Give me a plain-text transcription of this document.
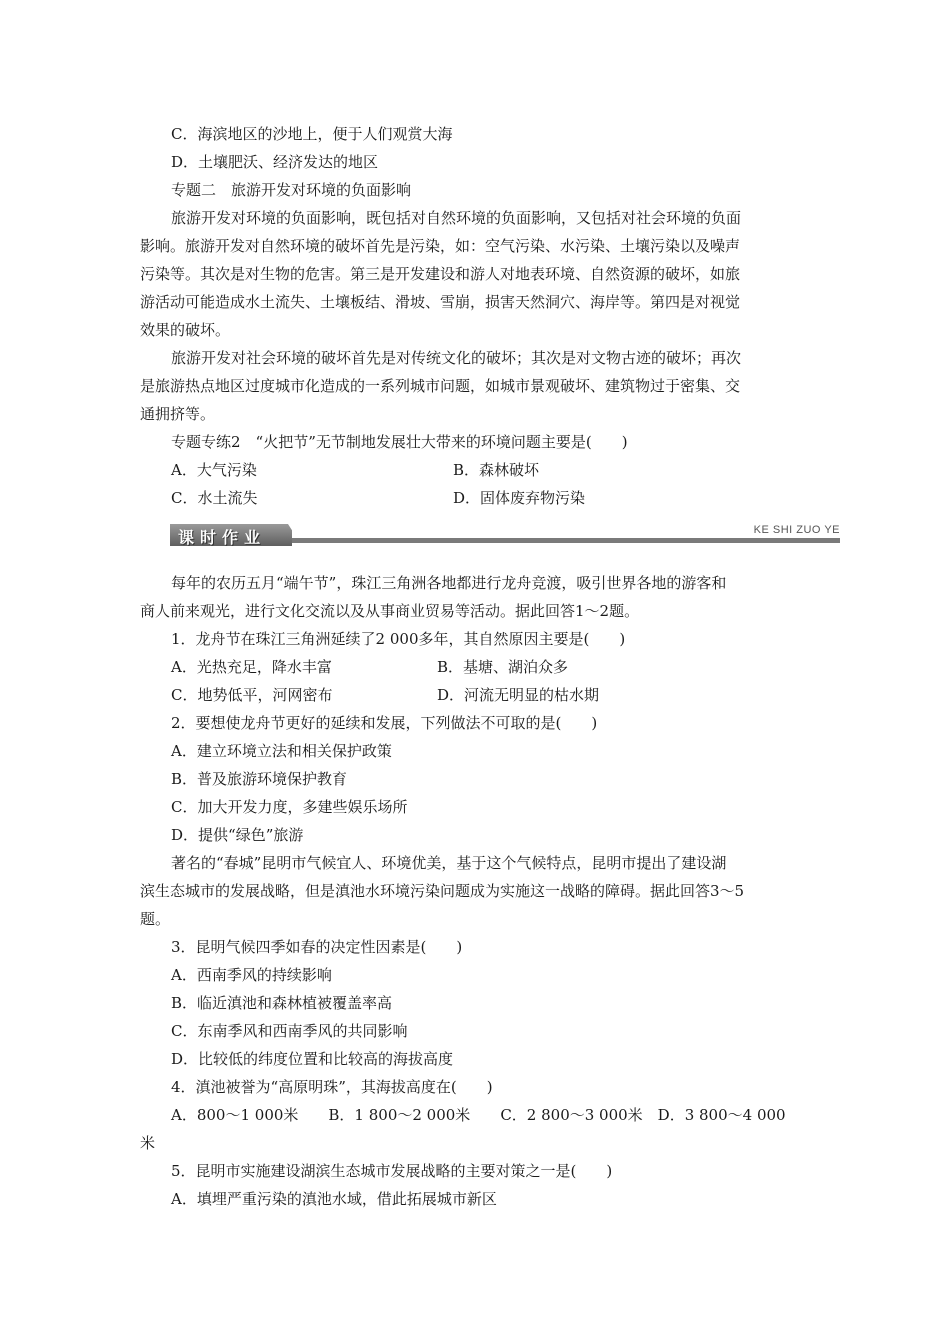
C．海滨地区的沙地上，便于人们观赏大海
D．土壤肥沃、经济发达的地区
专题二　旅游开发对环境的负面影响
旅游开发对环境的负面影响，既包括对自然环境的负面影响，又包括对社会环境的负面
影响。旅游开发对自然环境的破坏首先是污染，如：空气污染、水污染、土壤污染以及噪声
污染等。其次是对生物的危害。第三是开发建设和游人对地表环境、自然资源的破坏，如旅
游活动可能造成水土流失、土壤板结、滑坡、雪崩，损害天然洞穴、海岸等。第四是对视觉
效果的破坏。
旅游开发对社会环境的破坏首先是对传统文化的破坏；其次是对文物古迹的破坏；再次
是旅游热点地区过度城市化造成的一系列城市问题，如城市景观破坏、建筑物过于密集、交
通拥挤等。
专题专练2　“火把节”无节制地发展壮大带来的环境问题主要是(　　)
A．大气污染	B．森林破坏
C．水土流失	D．固体废弃物污染
课时作业	KE SHI ZUO YE
每年的农历五月“端午节”，珠江三角洲各地都进行龙舟竞渡，吸引世界各地的游客和
商人前来观光，进行文化交流以及从事商业贸易等活动。据此回答1～2题。
1．龙舟节在珠江三角洲延续了2 000多年，其自然原因主要是(　　)
A．光热充足，降水丰富	B．基塘、湖泊众多
C．地势低平，河网密布	D．河流无明显的枯水期
2．要想使龙舟节更好的延续和发展，下列做法不可取的是(　　)
A．建立环境立法和相关保护政策
B．普及旅游环境保护教育
C．加大开发力度，多建些娱乐场所
D．提供“绿色”旅游
著名的“春城”昆明市气候宜人、环境优美，基于这个气候特点，昆明市提出了建设湖
滨生态城市的发展战略，但是滇池水环境污染问题成为实施这一战略的障碍。据此回答3～5
题。
3．昆明气候四季如春的决定性因素是(　　)
A．西南季风的持续影响
B．临近滇池和森林植被覆盖率高
C．东南季风和西南季风的共同影响
D．比较低的纬度位置和比较高的海拔高度
4．滇池被誉为“高原明珠”，其海拔高度在(　　)
A．800～1 000米　　B．1 800～2 000米　　C．2 800～3 000米　D．3 800～4 000
米
5．昆明市实施建设湖滨生态城市发展战略的主要对策之一是(　　)
A．填埋严重污染的滇池水域，借此拓展城市新区
